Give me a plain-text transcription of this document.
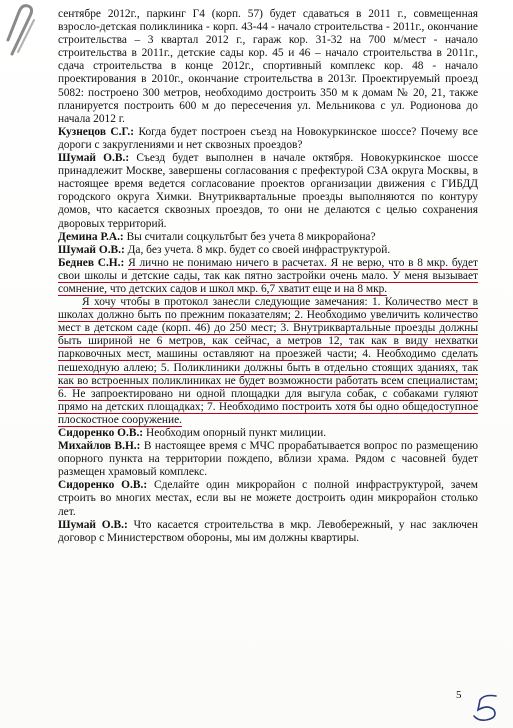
сентябре 2012г., паркинг Г4 (корп. 57) будет сдаваться в 2011 г., совмещенная взросло-детская поликлиника - корп. 43-44 - начало строительства - 2011г., окончание строительства – 3 квартал 2012 г., гараж кор. 31-32 на 700 м/мест - начало строительства в 2011г., детские сады кор. 45 и 46 – начало строительства в 2011г., сдача строительства в конце 2012г., спортивный комплекс кор. 48 - начало проектирования в 2010г., окончание строительства в 2013г. Проектируемый проезд 5082: построено 300 метров, необходимо достроить 350 м к домам № 20, 21, также планируется построить 600 м до пересечения ул. Мельникова с ул. Родионова до начала 2012 г.

Кузнецов С.Г.: Когда будет построен съезд на Новокуркинское шоссе? Почему все дороги с закруглениями и нет сквозных проездов?

Шумай О.В.: Съезд будет выполнен в начале октября. Новокуркинское шоссе принадлежит Москве, завершены согласования с префектурой СЗА округа Москвы, в настоящее время ведется согласование проектов организации движения с ГИБДД городского округа Химки. Внутриквартальные проезды выполняются по контуру домов, что касается сквозных проездов, то они не делаются с целью сохранения дворовых территорий.

Демина Р.А.: Вы считали соцкультбыт без учета 8 микрорайона?

Шумай О.В.: Да, без учета. 8 мкр. будет со своей инфраструктурой.

Беднев С.Н.: Я лично не понимаю ничего в расчетах. Я не верю, что в 8 мкр. будет свои школы и детские сады, так как пятно застройки очень мало. У меня вызывает сомнение, что детских садов и школ мкр. 6,7 хватит еще и на 8 мкр.

Я хочу чтобы в протокол занесли следующие замечания: 1. Количество мест в школах должно быть по прежним показателям; 2. Необходимо увеличить количество мест в детском саде (корп. 46) до 250 мест; 3. Внутриквартальные проезды должны быть шириной не 6 метров, как сейчас, а метров 12, так как в виду нехватки парковочных мест, машины оставляют на проезжей части; 4. Необходимо сделать пешеходную аллею; 5. Поликлиники должны быть в отдельно стоящих зданиях, так как во встроенных поликлиниках не будет возможности работать всем специалистам; 6. Не запроектировано ни одной площадки для выгула собак, с собаками гуляют прямо на детских площадках; 7. Необходимо построить хотя бы одно общедоступное плоскостное сооружение.

Сидоренко О.В.: Необходим опорный пункт милиции.

Михайлов В.Н.: В настоящее время с МЧС прорабатывается вопрос по размещению опорного пункта на территории пождепо, вблизи храма. Рядом с часовней будет размещен храмовый комплекс.

Сидоренко О.В.: Сделайте один микрорайон с полной инфраструктурой, зачем строить во многих местах, если вы не можете достроить один микрорайон столько лет.

Шумай О.В.: Что касается строительства в мкр. Левобережный, у нас заключен договор с Министерством обороны, мы им должны квартиры.

5
